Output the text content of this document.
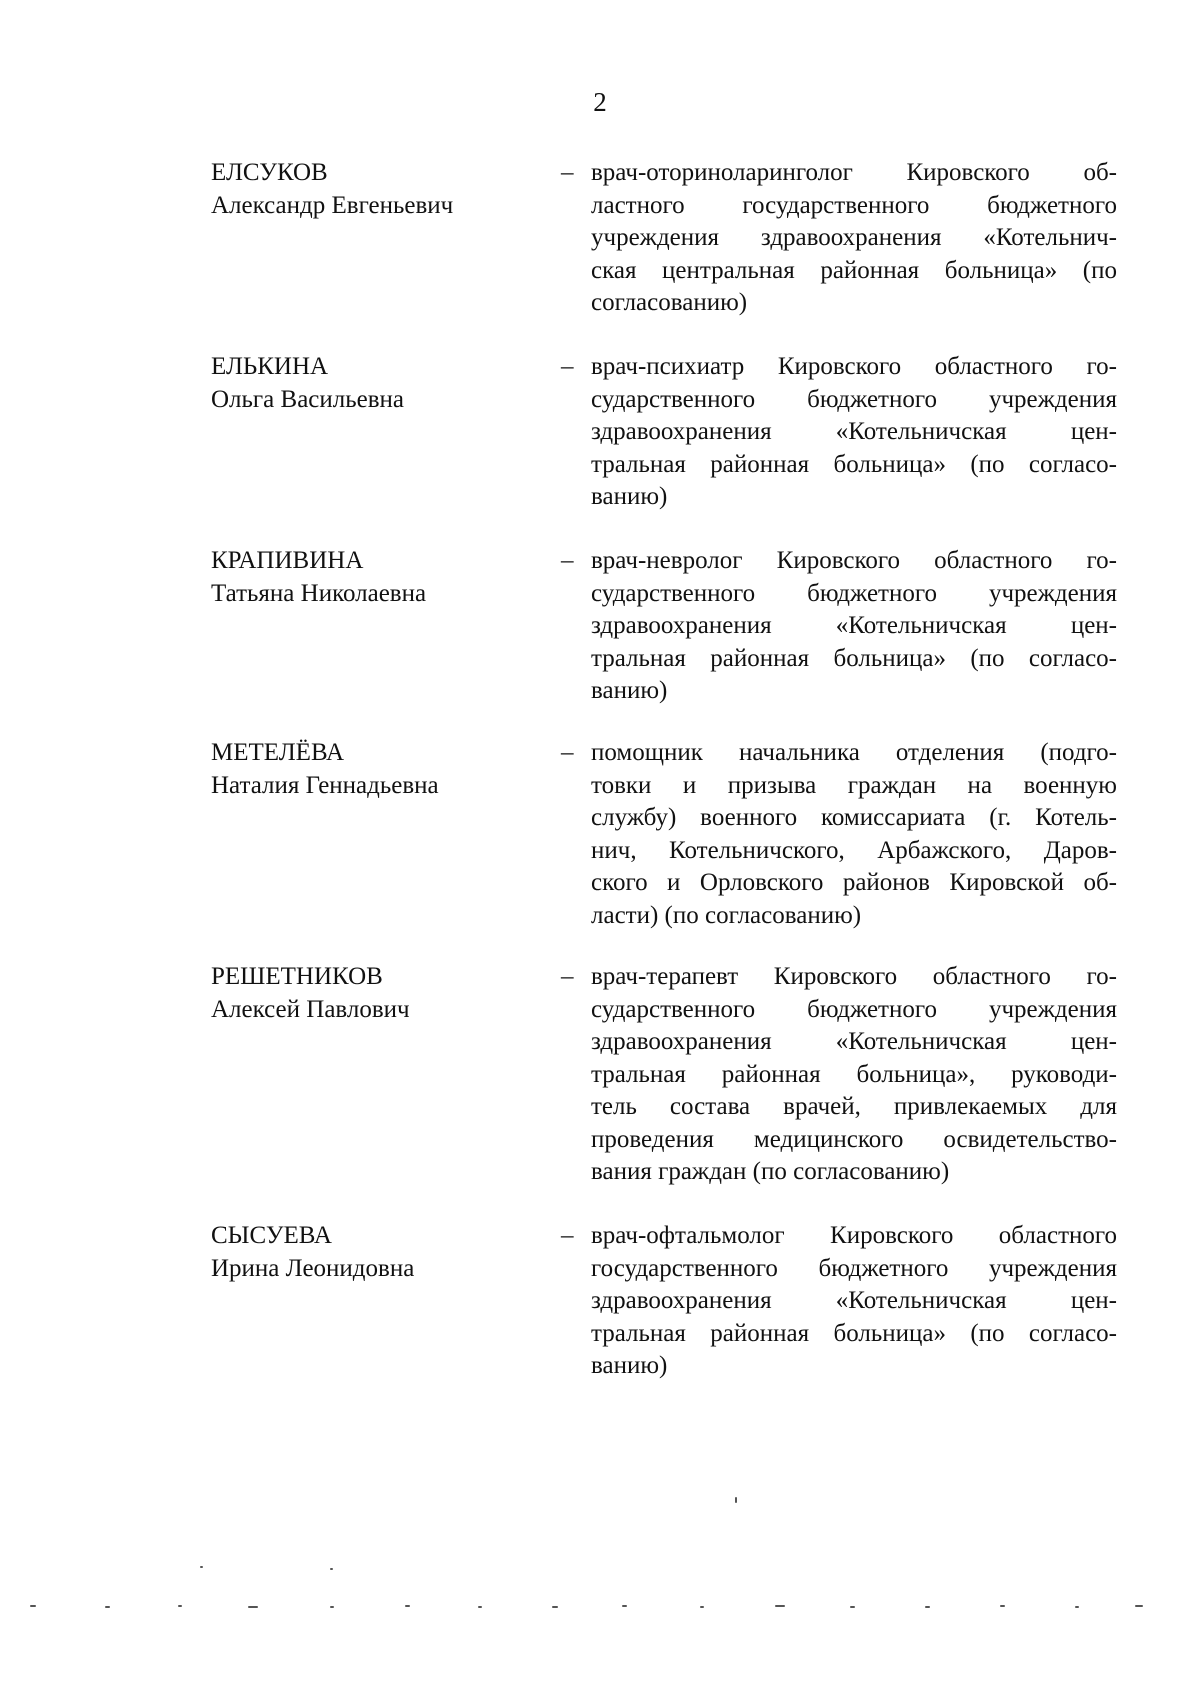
2
ЕЛСУКОВ
Александр Евгеньевич
– врач-оториноларинголог Кировского об-
ластного государственного бюджетного
учреждения здравоохранения «Котельнич-
ская центральная районная больница» (по
согласованию)
ЕЛЬКИНА
Ольга Васильевна
– врач-психиатр Кировского областного го-
сударственного бюджетного учреждения
здравоохранения «Котельничская цен-
тральная районная больница» (по согласо-
ванию)
КРАПИВИНА
Татьяна Николаевна
– врач-невролог Кировского областного го-
сударственного бюджетного учреждения
здравоохранения «Котельничская цен-
тральная районная больница» (по согласо-
ванию)
МЕТЕЛЁВА
Наталия Геннадьевна
– помощник начальника отделения (подго-
товки и призыва граждан на военную
службу) военного комиссариата (г. Котель-
нич, Котельничского, Арбажского, Даров-
ского и Орловского районов Кировской об-
ласти) (по согласованию)
РЕШЕТНИКОВ
Алексей Павлович
– врач-терапевт Кировского областного го-
сударственного бюджетного учреждения
здравоохранения «Котельничская цен-
тральная районная больница», руководи-
тель состава врачей, привлекаемых для
проведения медицинского освидетельство-
вания граждан (по согласованию)
СЫСУЕВА
Ирина Леонидовна
– врач-офтальмолог Кировского областного
государственного бюджетного учреждения
здравоохранения «Котельничская цен-
тральная районная больница» (по согласо-
ванию)
